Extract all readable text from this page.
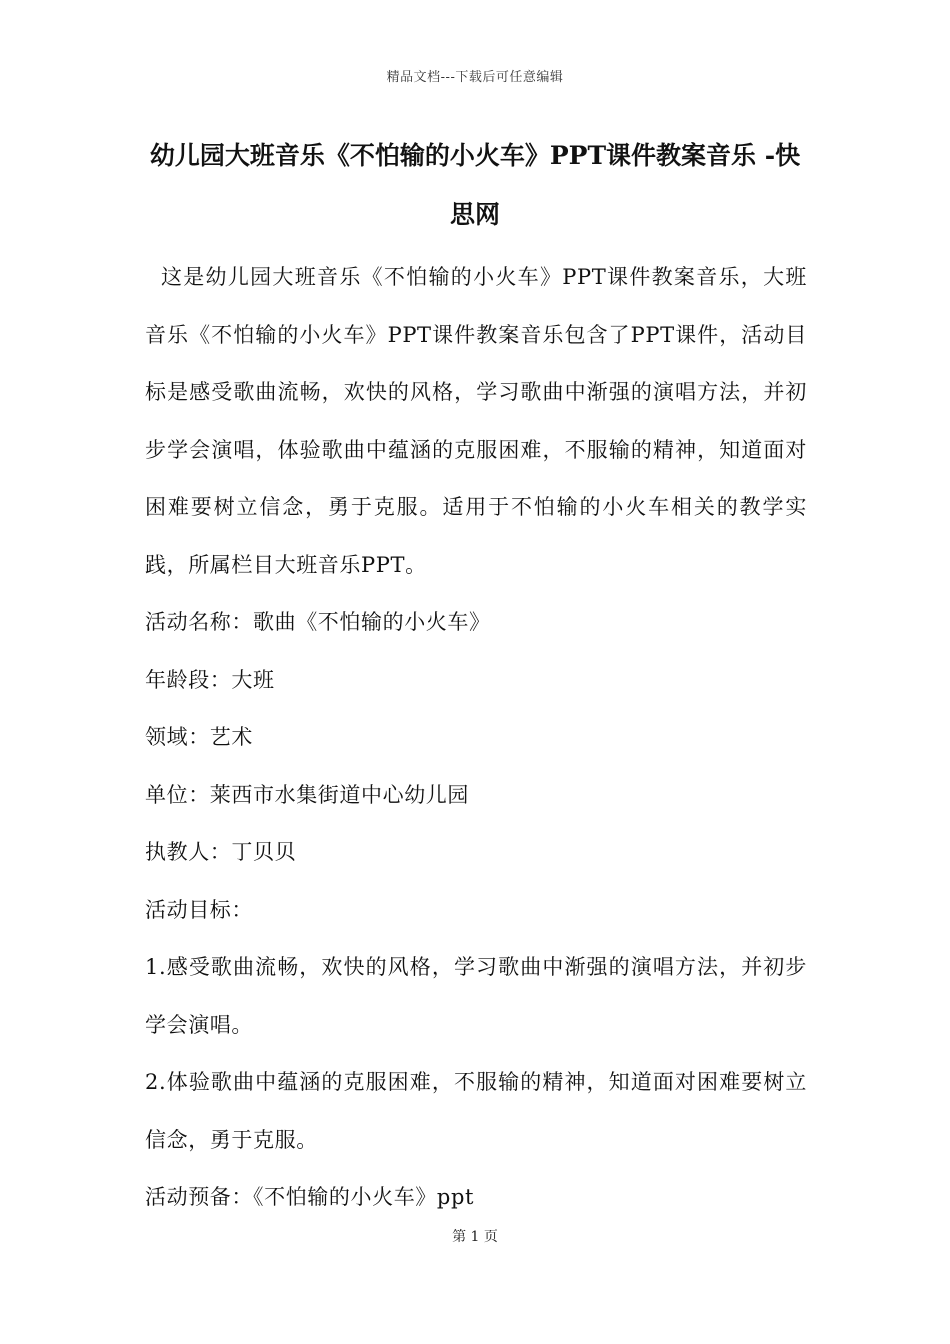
精品文档---下载后可任意编辑
幼儿园大班音乐《不怕输的小火车》PPT课件教案音乐 -快思网

这是幼儿园大班音乐《不怕输的小火车》PPT课件教案音乐，大班音乐《不怕输的小火车》PPT课件教案音乐包含了PPT课件，活动目标是感受歌曲流畅，欢快的风格，学习歌曲中渐强的演唱方法，并初步学会演唱，体验歌曲中蕴涵的克服困难，不服输的精神，知道面对困难要树立信念，勇于克服。适用于不怕输的小火车相关的教学实践，所属栏目大班音乐PPT。

活动名称：歌曲《不怕输的小火车》

年龄段：大班

领域：艺术

单位：莱西市水集街道中心幼儿园

执教人：丁贝贝

活动目标：

1.感受歌曲流畅，欢快的风格，学习歌曲中渐强的演唱方法，并初步学会演唱。

2.体验歌曲中蕴涵的克服困难，不服输的精神，知道面对困难要树立信念，勇于克服。

活动预备：《不怕输的小火车》ppt

第 1 页
